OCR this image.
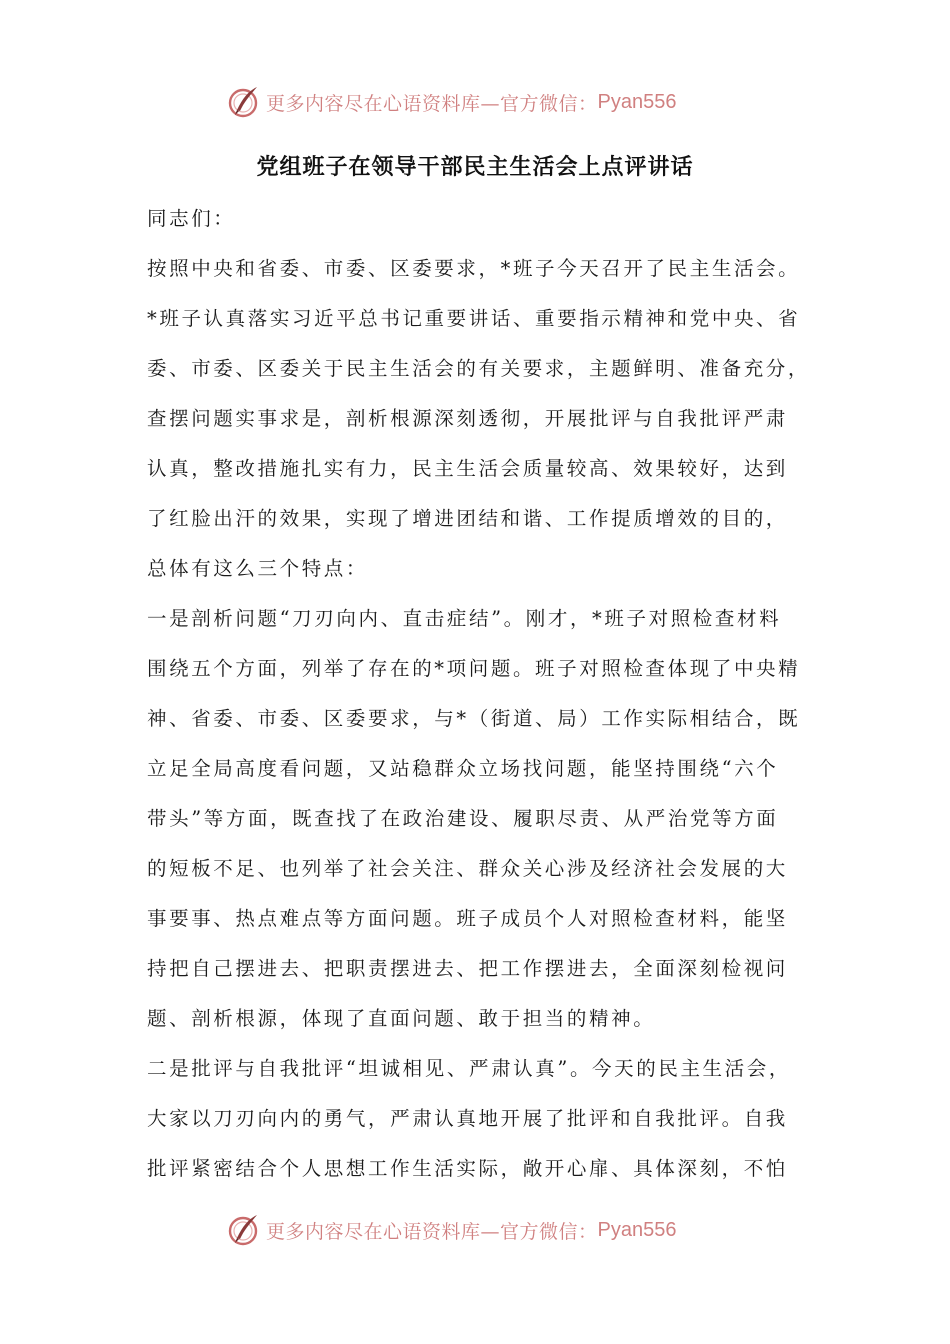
更多内容尽在心语资料库—官方微信： Pyan556
党组班子在领导干部民主生活会上点评讲话
同志们：
按照中央和省委、市委、区委要求，*班子今天召开了民主生活会。
*班子认真落实习近平总书记重要讲话、重要指示精神和党中央、省
委、市委、区委关于民主生活会的有关要求，主题鲜明、准备充分，
查摆问题实事求是，剖析根源深刻透彻，开展批评与自我批评严肃
认真，整改措施扎实有力，民主生活会质量较高、效果较好，达到
了红脸出汗的效果，实现了增进团结和谐、工作提质增效的目的，
总体有这么三个特点：
一是剖析问题“刀刃向内、直击症结”。刚才，*班子对照检查材料
围绕五个方面，列举了存在的*项问题。班子对照检查体现了中央精
神、省委、市委、区委要求，与*（街道、局）工作实际相结合，既
立足全局高度看问题，又站稳群众立场找问题，能坚持围绕“六个
带头”等方面，既查找了在政治建设、履职尽责、从严治党等方面
的短板不足、也列举了社会关注、群众关心涉及经济社会发展的大
事要事、热点难点等方面问题。班子成员个人对照检查材料，能坚
持把自己摆进去、把职责摆进去、把工作摆进去，全面深刻检视问
题、剖析根源，体现了直面问题、敢于担当的精神。
二是批评与自我批评“坦诚相见、严肃认真”。今天的民主生活会，
大家以刀刃向内的勇气，严肃认真地开展了批评和自我批评。自我
批评紧密结合个人思想工作生活实际，敞开心扉、具体深刻，不怕
更多内容尽在心语资料库—官方微信： Pyan556
